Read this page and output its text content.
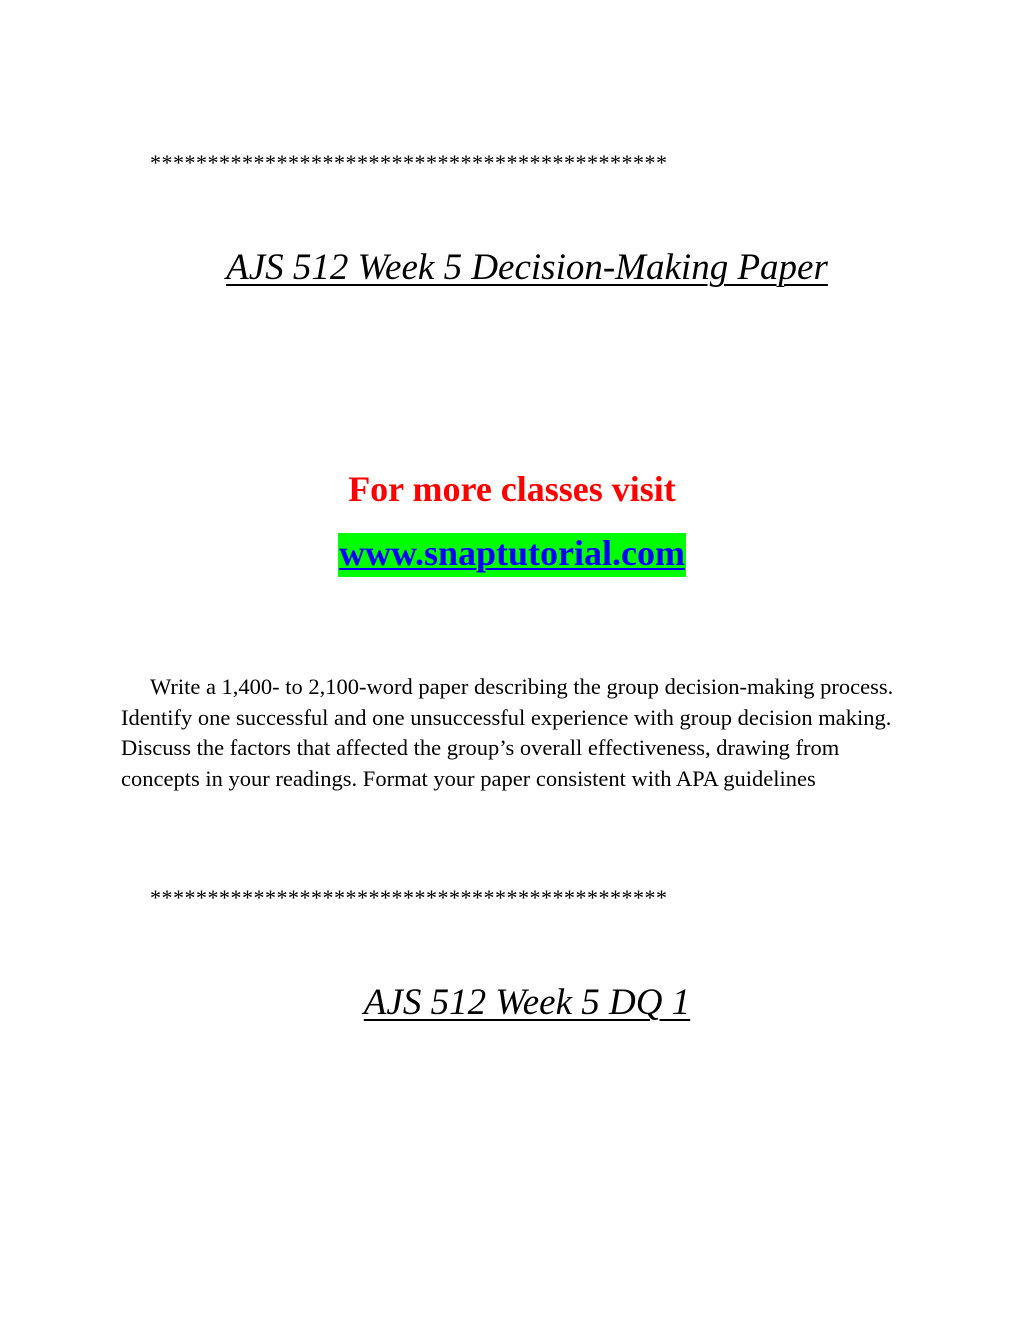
*********************************************
AJS 512 Week 5 Decision-Making Paper
For more classes visit
www.snaptutorial.com

Write a 1,400- to 2,100-word paper describing the group decision-making process. Identify one successful and one unsuccessful experience with group decision making. Discuss the factors that affected the group’s overall effectiveness, drawing from concepts in your readings. Format your paper consistent with APA guidelines

*********************************************
AJS 512 Week 5 DQ 1
